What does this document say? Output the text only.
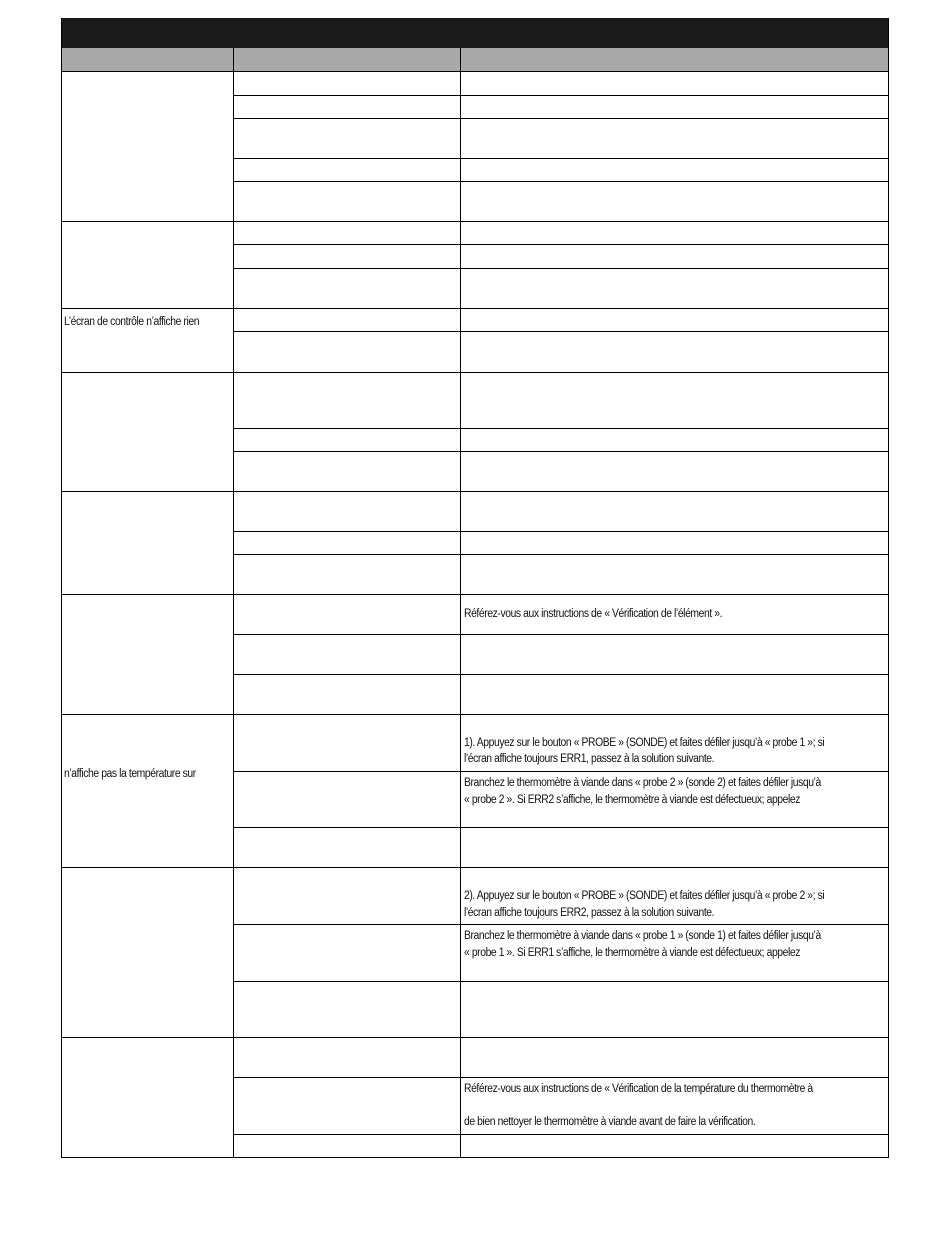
L’écran de contrôle n’affiche rien
n’affiche pas la température sur
Référez-vous aux instructions de « Vérification de l’élément ».
1). Appuyez sur le bouton « PROBE » (SONDE) et faites défiler jusqu’à « probe 1 »; si
l’écran affiche toujours ERR1, passez à la solution suivante.
Branchez le thermomètre à viande dans « probe 2 » (sonde 2) et faites défiler jusqu’à
« probe 2 ». Si ERR2 s’affiche, le thermomètre à viande est défectueux; appelez
2). Appuyez sur le bouton « PROBE » (SONDE) et faites défiler jusqu’à « probe 2 »; si
l’écran affiche toujours ERR2, passez à la solution suivante.
Branchez le thermomètre à viande dans « probe 1 » (sonde 1) et faites défiler jusqu’à
« probe 1 ». Si ERR1 s’affiche, le thermomètre à viande est défectueux; appelez
Référez-vous aux instructions de « Vérification de la température du thermomètre à
de bien nettoyer le thermomètre à viande avant de faire la vérification.
